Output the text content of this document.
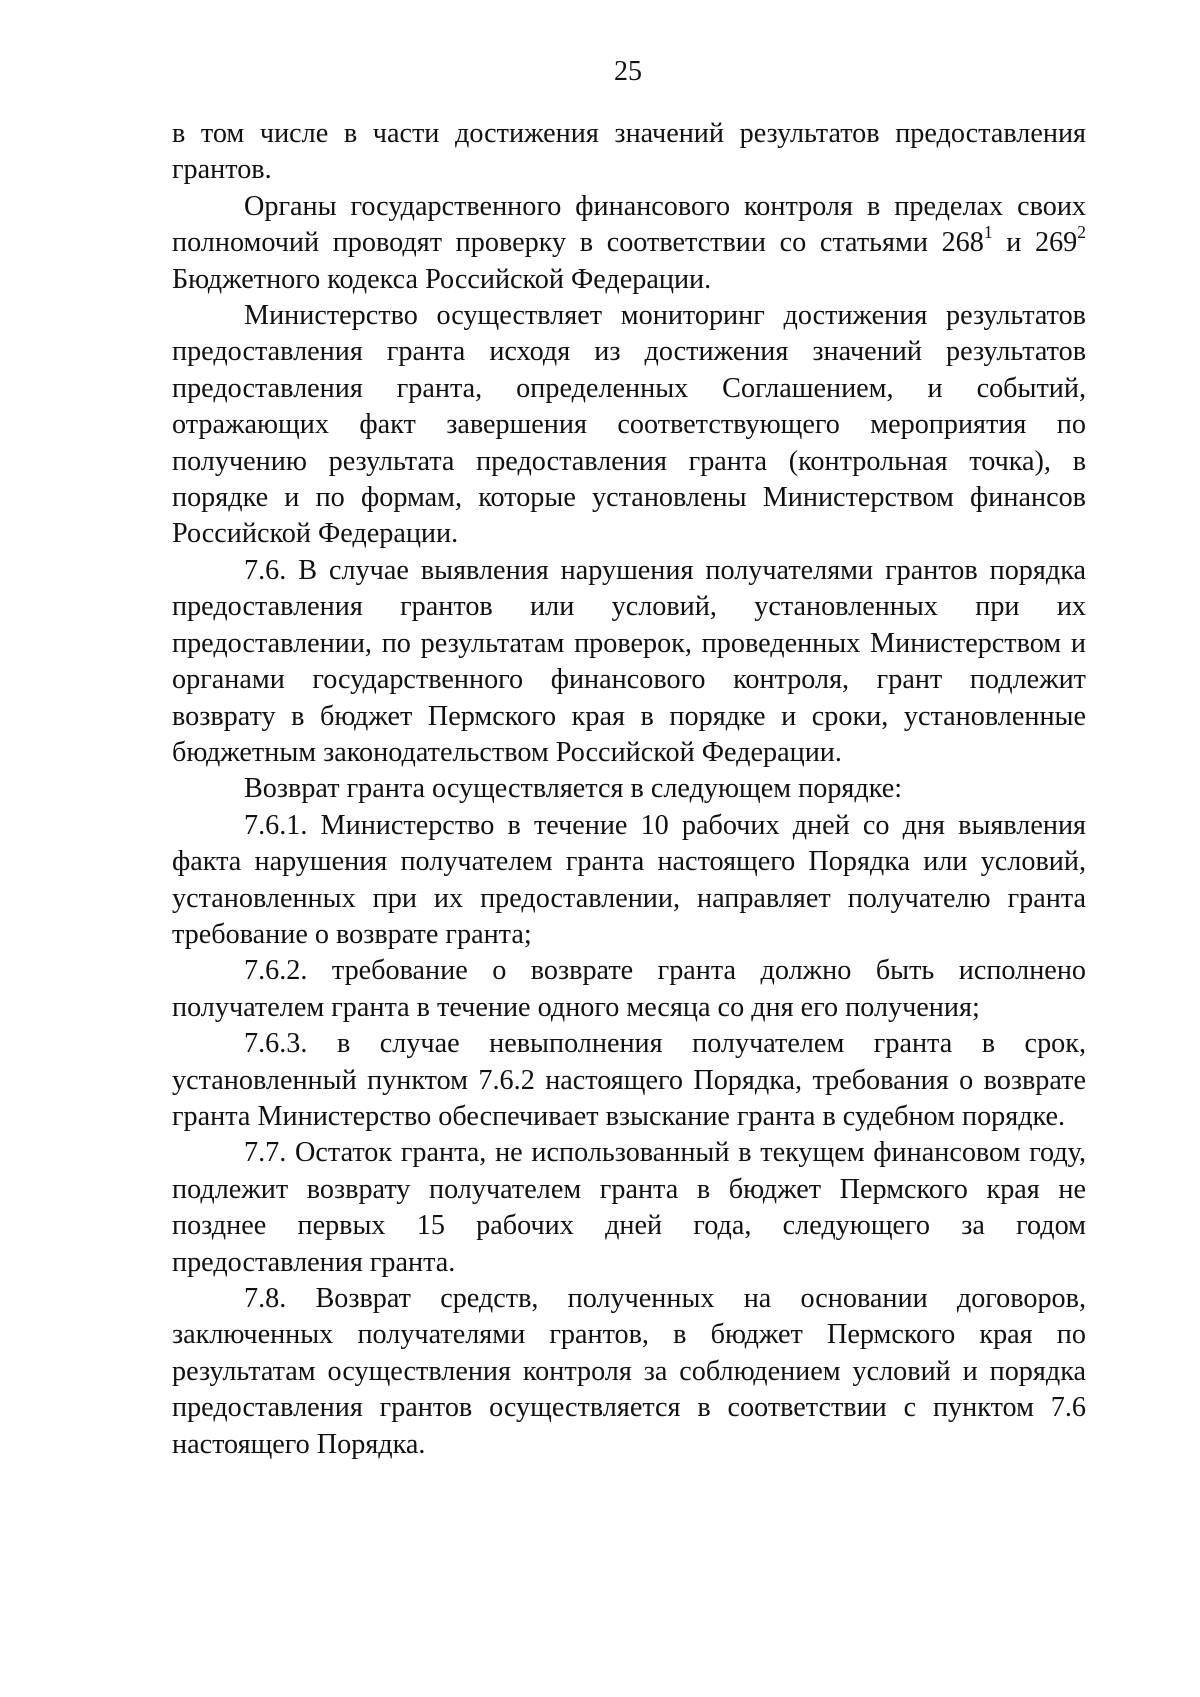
25

в том числе в части достижения значений результатов предоставления грантов.

Органы государственного финансового контроля в пределах своих полномочий проводят проверку в соответствии со статьями $268^1$ и $269^2$ Бюджетного кодекса Российской Федерации.

Министерство осуществляет мониторинг достижения результатов предоставления гранта исходя из достижения значений результатов предоставления гранта, определенных Соглашением, и событий, отражающих факт завершения соответствующего мероприятия по получению результата предоставления гранта (контрольная точка), в порядке и по формам, которые установлены Министерством финансов Российской Федерации.

7.6. В случае выявления нарушения получателями грантов порядка предоставления грантов или условий, установленных при их предоставлении, по результатам проверок, проведенных Министерством и органами государственного финансового контроля, грант подлежит возврату в бюджет Пермского края в порядке и сроки, установленные бюджетным законодательством Российской Федерации.

Возврат гранта осуществляется в следующем порядке:

7.6.1. Министерство в течение 10 рабочих дней со дня выявления факта нарушения получателем гранта настоящего Порядка или условий, установленных при их предоставлении, направляет получателю гранта требование о возврате гранта;

7.6.2. требование о возврате гранта должно быть исполнено получателем гранта в течение одного месяца со дня его получения;

7.6.3. в случае невыполнения получателем гранта в срок, установленный пунктом 7.6.2 настоящего Порядка, требования о возврате гранта Министерство обеспечивает взыскание гранта в судебном порядке.

7.7. Остаток гранта, не использованный в текущем финансовом году, подлежит возврату получателем гранта в бюджет Пермского края не позднее первых 15 рабочих дней года, следующего за годом предоставления гранта.

7.8. Возврат средств, полученных на основании договоров, заключенных получателями грантов, в бюджет Пермского края по результатам осуществления контроля за соблюдением условий и порядка предоставления грантов осуществляется в соответствии с пунктом 7.6 настоящего Порядка.
